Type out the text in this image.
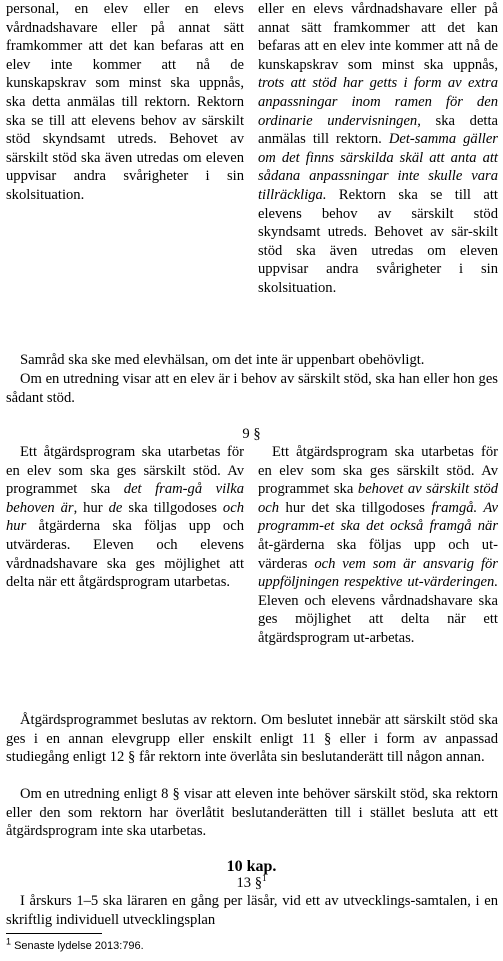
personal, en elev eller en elevs vårdnadshavare eller på annat sätt framkommer att det kan befaras att en elev inte kommer att nå de kunskapskrav som minst ska uppnås, ska detta anmälas till rektorn. Rektorn ska se till att elevens behov av särskilt stöd skyndsamt utreds. Behovet av särskilt stöd ska även utredas om eleven uppvisar andra svårigheter i sin skolsituation.

eller en elevs vårdnadshavare eller på annat sätt framkommer att det kan befaras att en elev inte kommer att nå de kunskapskrav som minst ska uppnås, trots att stöd har getts i form av extra anpassningar inom ramen för den ordinarie undervisningen, ska detta anmälas till rektorn. Det-samma gäller om det finns särskilda skäl att anta att sådana anpassningar inte skulle vara tillräckliga. Rektorn ska se till att elevens behov av särskilt stöd skyndsamt utreds. Behovet av sär-skilt stöd ska även utredas om eleven uppvisar andra svårigheter i sin skolsituation.

Samråd ska ske med elevhälsan, om det inte är uppenbart obehövligt.

Om en utredning visar att en elev är i behov av särskilt stöd, ska han eller hon ges sådant stöd.

9 §

Ett åtgärdsprogram ska utarbetas för en elev som ska ges särskilt stöd. Av programmet ska det fram-gå vilka behoven är, hur de ska tillgodoses och hur åtgärderna ska följas upp och utvärderas. Eleven och elevens vårdnadshavare ska ges möjlighet att delta när ett åtgärdsprogram utarbetas.

Ett åtgärdsprogram ska utarbetas för en elev som ska ges särskilt stöd. Av programmet ska behovet av särskilt stöd och hur det ska tillgodoses framgå. Av programm-et ska det också framgå när åt-gärderna ska följas upp och ut-värderas och vem som är ansvarig för uppföljningen respektive ut-värderingen. Eleven och elevens vårdnadshavare ska ges möjlighet att delta när ett åtgärdsprogram ut-arbetas.

Åtgärdsprogrammet beslutas av rektorn. Om beslutet innebär att särskilt stöd ska ges i en annan elevgrupp eller enskilt enligt 11 § eller i form av anpassad studiegång enligt 12 § får rektorn inte överlåta sin beslutanderätt till någon annan.

Om en utredning enligt 8 § visar att eleven inte behöver särskilt stöd, ska rektorn eller den som rektorn har överlåtit beslutanderätten till i stället besluta att ett åtgärdsprogram inte ska utarbetas.

10 kap.
13 §$^1$

I årskurs 1–5 ska läraren en gång per läsår, vid ett av utvecklings-samtalen, i en skriftlig individuell utvecklingsplan

$^1$ Senaste lydelse 2013:796.
